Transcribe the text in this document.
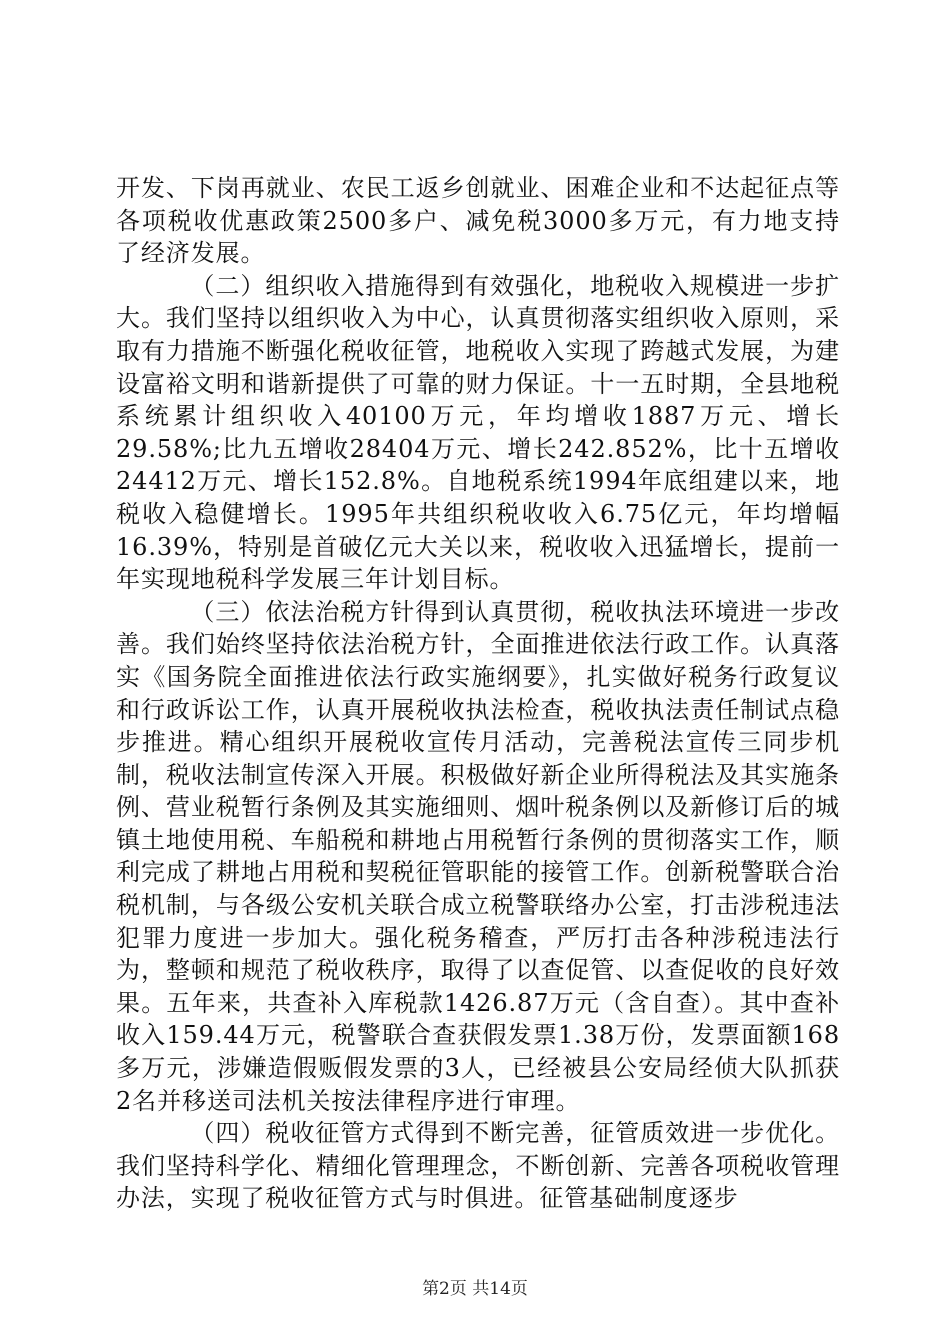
开发、下岗再就业、农民工返乡创就业、困难企业和不达起征点等各项税收优惠政策2500多户、减免税3000多万元，有力地支持了经济发展。

（二）组织收入措施得到有效强化，地税收入规模进一步扩大。我们坚持以组织收入为中心，认真贯彻落实组织收入原则，采取有力措施不断强化税收征管，地税收入实现了跨越式发展，为建设富裕文明和谐新提供了可靠的财力保证。十一五时期，全县地税系统累计组织收入40100万元，年均增收1887万元、增长29.58%;比九五增收28404万元、增长242.852%，比十五增收24412万元、增长152.8%。自地税系统1994年底组建以来，地税收入稳健增长。1995年共组织税收收入6.75亿元，年均增幅16.39%，特别是首破亿元大关以来，税收收入迅猛增长，提前一年实现地税科学发展三年计划目标。

（三）依法治税方针得到认真贯彻，税收执法环境进一步改善。我们始终坚持依法治税方针，全面推进依法行政工作。认真落实《国务院全面推进依法行政实施纲要》，扎实做好税务行政复议和行政诉讼工作，认真开展税收执法检查，税收执法责任制试点稳步推进。精心组织开展税收宣传月活动，完善税法宣传三同步机制，税收法制宣传深入开展。积极做好新企业所得税法及其实施条例、营业税暂行条例及其实施细则、烟叶税条例以及新修订后的城镇土地使用税、车船税和耕地占用税暂行条例的贯彻落实工作，顺利完成了耕地占用税和契税征管职能的接管工作。创新税警联合治税机制，与各级公安机关联合成立税警联络办公室，打击涉税违法犯罪力度进一步加大。强化税务稽查，严厉打击各种涉税违法行为，整顿和规范了税收秩序，取得了以查促管、以查促收的良好效果。五年来，共查补入库税款1426.87万元（含自查）。其中查补收入159.44万元，税警联合查获假发票1.38万份，发票面额168多万元，涉嫌造假贩假发票的3人，已经被县公安局经侦大队抓获2名并移送司法机关按法律程序进行审理。

（四）税收征管方式得到不断完善，征管质效进一步优化。我们坚持科学化、精细化管理理念，不断创新、完善各项税收管理办法，实现了税收征管方式与时俱进。征管基础制度逐步

第2页 共14页
